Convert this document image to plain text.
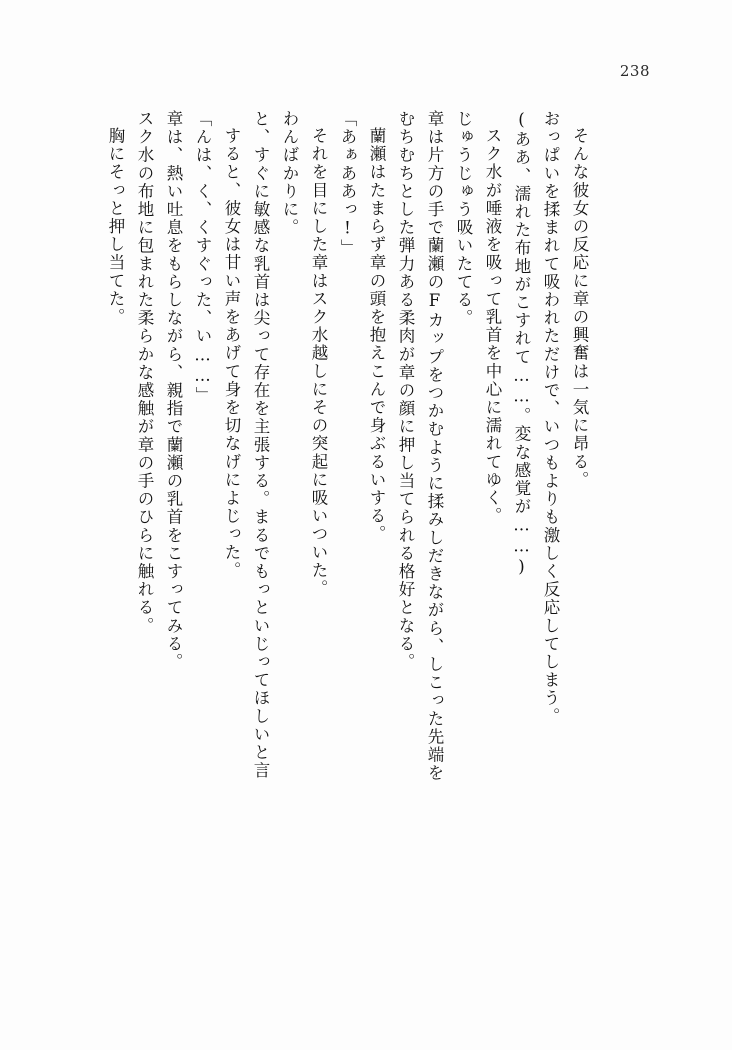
238
胸にそっと押し当てた。 スク水の布地に包まれた柔らかな感触が章の手のひらに触れる。 章は、熱い吐息をもらしながら、親指で蘭瀬の乳首をこすってみる。 「んは、く、くすぐった、い……」 すると、彼女は甘い声をあげて身を切なげによじった。 と、すぐに敏感な乳首は尖って存在を主張する。まるでもっといじってほしいと言 わんばかりに。 それを目にした章はスク水越しにその突起に吸いついた。 「あぁああっ!」 蘭瀬はたまらず章の頭を抱えこんで身ぶるいする。 むちむちとした弾力ある柔肉が章の顔に押し当てられる格好となる。 章は片方の手で蘭瀬のFカップをつかむように揉みしだきながら、しこった先端を じゅうじゅう吸いたてる。 スク水が唾液を吸って乳首を中心に濡れてゆく。 (ああ、濡れた布地がこすれて……。変な感覚が……) おっぱいを揉まれて吸われただけで、いつもよりも激しく反応してしまう。 そんな彼女の反応に章の興奮は一気に昂る。
